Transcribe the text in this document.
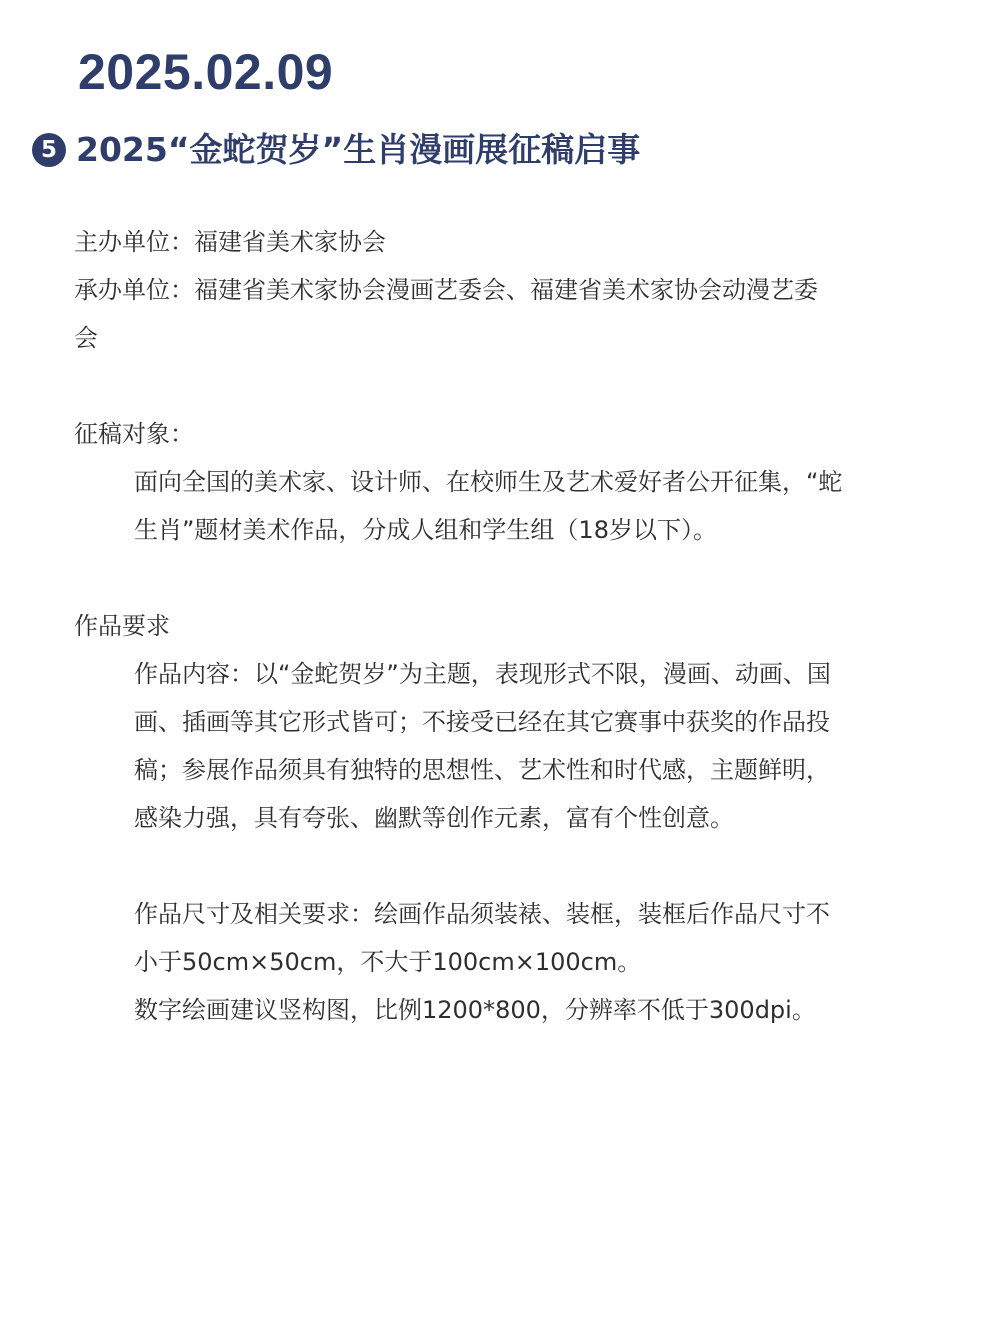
2025.02.09
5 2025“金蛇贺岁”生肖漫画展征稿启事
主办单位：福建省美术家协会
承办单位：福建省美术家协会漫画艺委会、福建省美术家协会动漫艺委
会
征稿对象：
面向全国的美术家、设计师、在校师生及艺术爱好者公开征集，“蛇
生肖”题材美术作品，分成人组和学生组（18岁以下）。
作品要求
作品内容：以“金蛇贺岁”为主题，表现形式不限，漫画、动画、国
画、插画等其它形式皆可；不接受已经在其它赛事中获奖的作品投
稿；参展作品须具有独特的思想性、艺术性和时代感，主题鲜明，
感染力强，具有夸张、幽默等创作元素，富有个性创意。
作品尺寸及相关要求：绘画作品须装裱、装框，装框后作品尺寸不
小于50cm×50cm，不大于100cm×100cm。
数字绘画建议竖构图，比例1200*800，分辨率不低于300dpi。
